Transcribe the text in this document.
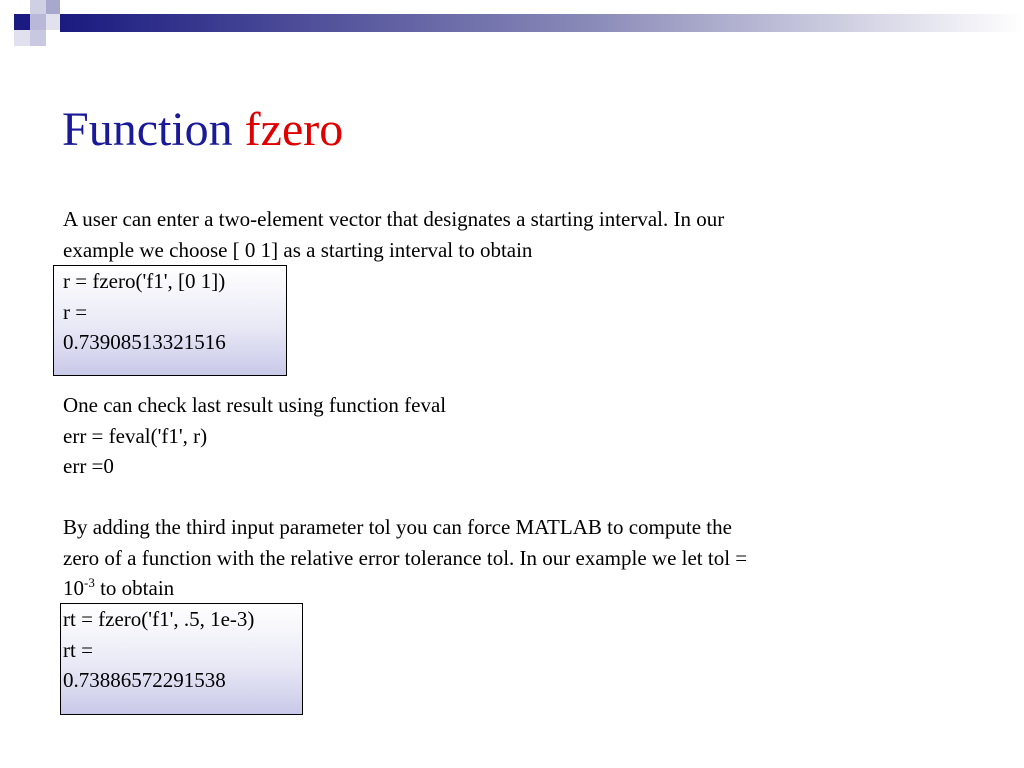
Function fzero
A user can enter a two-element vector that designates a starting interval. In our
example we choose [ 0 1] as a starting interval to obtain
r = fzero('f1', [0 1])
r =
0.73908513321516
One can check last result using function feval
err = feval('f1', r)
err =0
By adding the third input parameter tol you can force MATLAB to compute the
zero of a function with the relative error tolerance tol. In our example we let tol =
$10^{-3}$ to obtain
rt = fzero('f1', .5, 1e-3)
rt =
0.73886572291538
